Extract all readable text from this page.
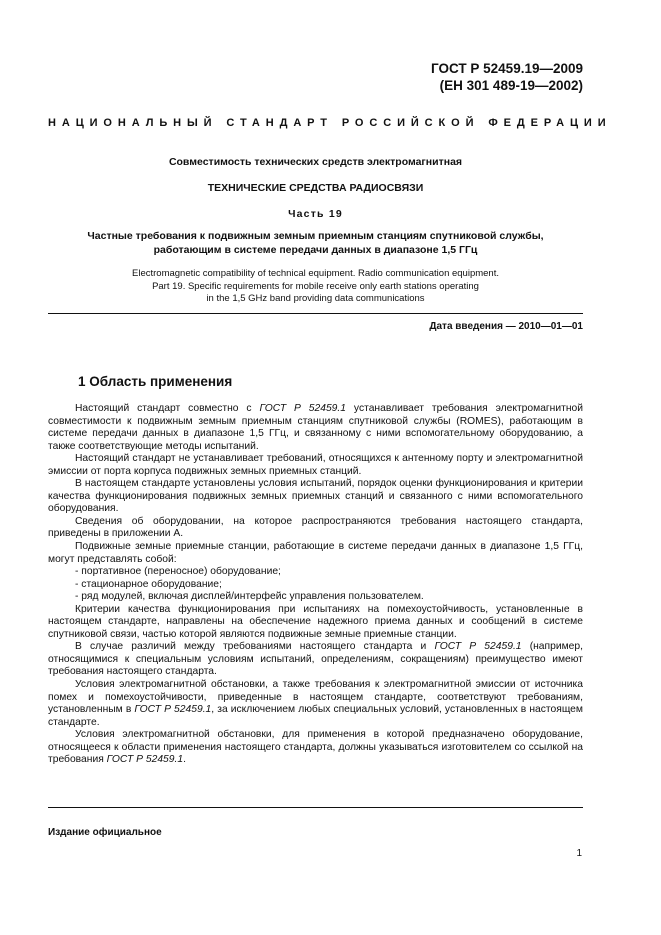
ГОСТ Р 52459.19—2009
(ЕН 301 489-19—2002)
НАЦИОНАЛЬНЫЙ СТАНДАРТ РОССИЙСКОЙ ФЕДЕРАЦИИ
Совместимость технических средств электромагнитная
ТЕХНИЧЕСКИЕ СРЕДСТВА РАДИОСВЯЗИ
Часть 19
Частные требования к подвижным земным приемным станциям спутниковой службы,
работающим в системе передачи данных в диапазоне 1,5 ГГц
Electromagnetic compatibility of technical equipment. Radio communication equipment.
Part 19. Specific requirements for mobile receive only earth stations operating
in the 1,5 GHz band providing data communications
Дата введения — 2010—01—01
1 Область применения

Настоящий стандарт совместно с ГОСТ Р 52459.1 устанавливает требования электромагнитной совместимости к подвижным земным приемным станциям спутниковой службы (ROMES), работающим в системе передачи данных в диапазоне 1,5 ГГц, и связанному с ними вспомогательному оборудованию, а также соответствующие методы испытаний.

Настоящий стандарт не устанавливает требований, относящихся к антенному порту и электромагнитной эмиссии от порта корпуса подвижных земных приемных станций.

В настоящем стандарте установлены условия испытаний, порядок оценки функционирования и критерии качества функционирования подвижных земных приемных станций и связанного с ними вспомогательного оборудования.

Сведения об оборудовании, на которое распространяются требования настоящего стандарта, приведены в приложении А.

Подвижные земные приемные станции, работающие в системе передачи данных в диапазоне 1,5 ГГц, могут представлять собой:

- портативное (переносное) оборудование;

- стационарное оборудование;

- ряд модулей, включая дисплей/интерфейс управления пользователем.

Критерии качества функционирования при испытаниях на помехоустойчивость, установленные в настоящем стандарте, направлены на обеспечение надежного приема данных и сообщений в системе спутниковой связи, частью которой являются подвижные земные приемные станции.

В случае различий между требованиями настоящего стандарта и ГОСТ Р 52459.1 (например, относящимися к специальным условиям испытаний, определениям, сокращениям) преимущество имеют требования настоящего стандарта.

Условия электромагнитной обстановки, а также требования к электромагнитной эмиссии от источника помех и помехоустойчивости, приведенные в настоящем стандарте, соответствуют требованиям, установленным в ГОСТ Р 52459.1, за исключением любых специальных условий, установленных в настоящем стандарте.

Условия электромагнитной обстановки, для применения в которой предназначено оборудование, относящееся к области применения настоящего стандарта, должны указываться изготовителем со ссылкой на требования ГОСТ Р 52459.1.

Издание официальное
1
